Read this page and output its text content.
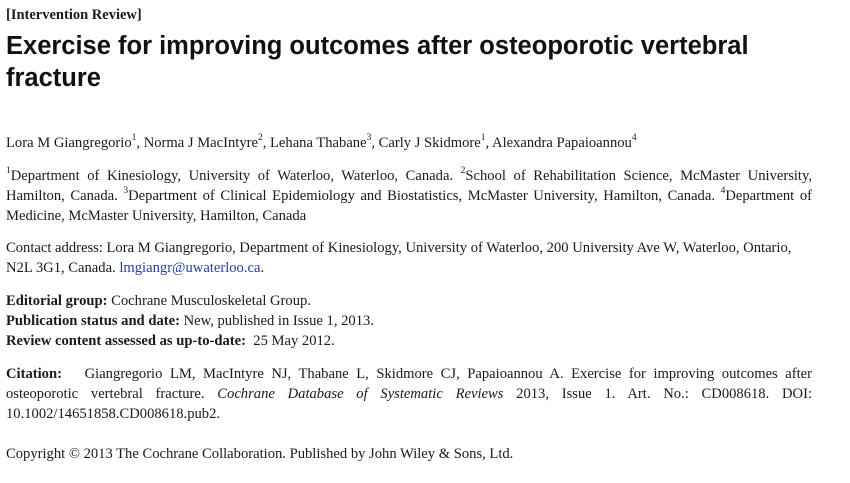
[Intervention Review]
Exercise for improving outcomes after osteoporotic vertebral fracture
Lora M Giangregorio$^1$, Norma J MacIntyre$^2$, Lehana Thabane$^3$, Carly J Skidmore$^1$, Alexandra Papaioannou$^4$
$^1$Department of Kinesiology, University of Waterloo, Waterloo, Canada. $^2$School of Rehabilitation Science, McMaster University, Hamilton, Canada. $^3$Department of Clinical Epidemiology and Biostatistics, McMaster University, Hamilton, Canada. $^4$Department of Medicine, McMaster University, Hamilton, Canada
Contact address: Lora M Giangregorio, Department of Kinesiology, University of Waterloo, 200 University Ave W, Waterloo, Ontario, N2L 3G1, Canada. lmgiangr@uwaterloo.ca.
Editorial group: Cochrane Musculoskeletal Group.
Publication status and date: New, published in Issue 1, 2013.
Review content assessed as up-to-date: 25 May 2012.
Citation: Giangregorio LM, MacIntyre NJ, Thabane L, Skidmore CJ, Papaioannou A. Exercise for improving outcomes after osteoporotic vertebral fracture. Cochrane Database of Systematic Reviews 2013, Issue 1. Art. No.: CD008618. DOI: 10.1002/14651858.CD008618.pub2.
Copyright © 2013 The Cochrane Collaboration. Published by John Wiley & Sons, Ltd.
